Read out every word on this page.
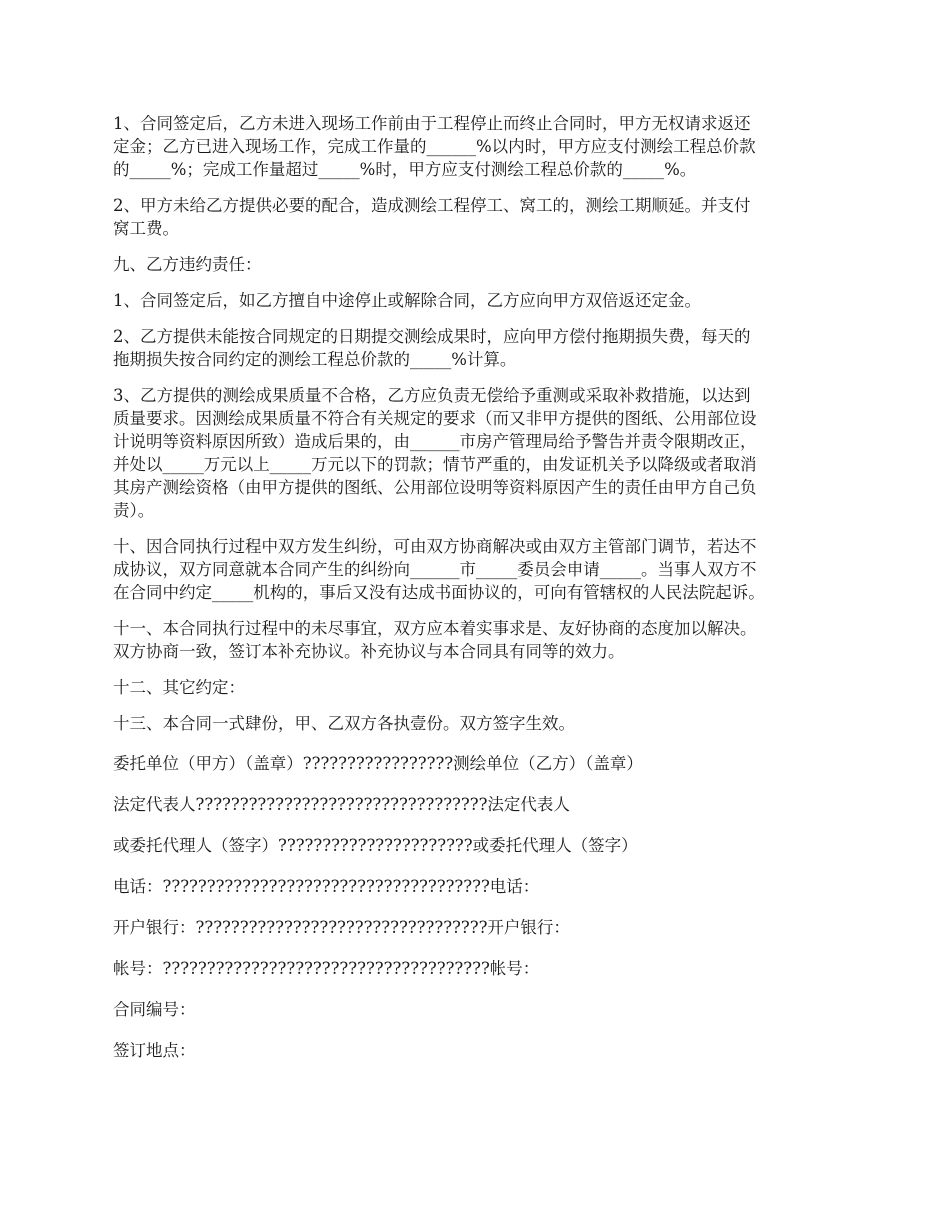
1、合同签定后，乙方未进入现场工作前由于工程停止而终止合同时，甲方无权请求返还
定金；乙方已进入现场工作，完成工作量的______%以内时，甲方应支付测绘工程总价款
的_____%；完成工作量超过_____%时，甲方应支付测绘工程总价款的_____%。
2、甲方未给乙方提供必要的配合，造成测绘工程停工、窝工的，测绘工期顺延。并支付
窝工费。
九、乙方违约责任：
1、合同签定后，如乙方擅自中途停止或解除合同，乙方应向甲方双倍返还定金。
2、乙方提供未能按合同规定的日期提交测绘成果时，应向甲方偿付拖期损失费，每天的
拖期损失按合同约定的测绘工程总价款的_____%计算。
3、乙方提供的测绘成果质量不合格，乙方应负责无偿给予重测或采取补救措施，以达到
质量要求。因测绘成果质量不符合有关规定的要求（而又非甲方提供的图纸、公用部位设
计说明等资料原因所致）造成后果的，由______市房产管理局给予警告并责令限期改正，
并处以_____万元以上_____万元以下的罚款；情节严重的，由发证机关予以降级或者取消
其房产测绘资格（由甲方提供的图纸、公用部位设明等资料原因产生的责任由甲方自己负
责）。
十、因合同执行过程中双方发生纠纷，可由双方协商解决或由双方主管部门调节，若达不
成协议，双方同意就本合同产生的纠纷向______市_____委员会申请_____。当事人双方不
在合同中约定_____机构的，事后又没有达成书面协议的，可向有管辖权的人民法院起诉。
十一、本合同执行过程中的未尽事宜，双方应本着实事求是、友好协商的态度加以解决。
双方协商一致，签订本补充协议。补充协议与本合同具有同等的效力。
十二、其它约定：
十三、本合同一式肆份，甲、乙双方各执壹份。双方签字生效。
委托单位（甲方）（盖章）?????????????????测绘单位（乙方）（盖章）
法定代表人?????????????????????????????????法定代表人
或委托代理人（签字）??????????????????????或委托代理人（签字）
电话：?????????????????????????????????????电话：
开户银行：?????????????????????????????????开户银行：
帐号：?????????????????????????????????????帐号：
合同编号：
签订地点：
